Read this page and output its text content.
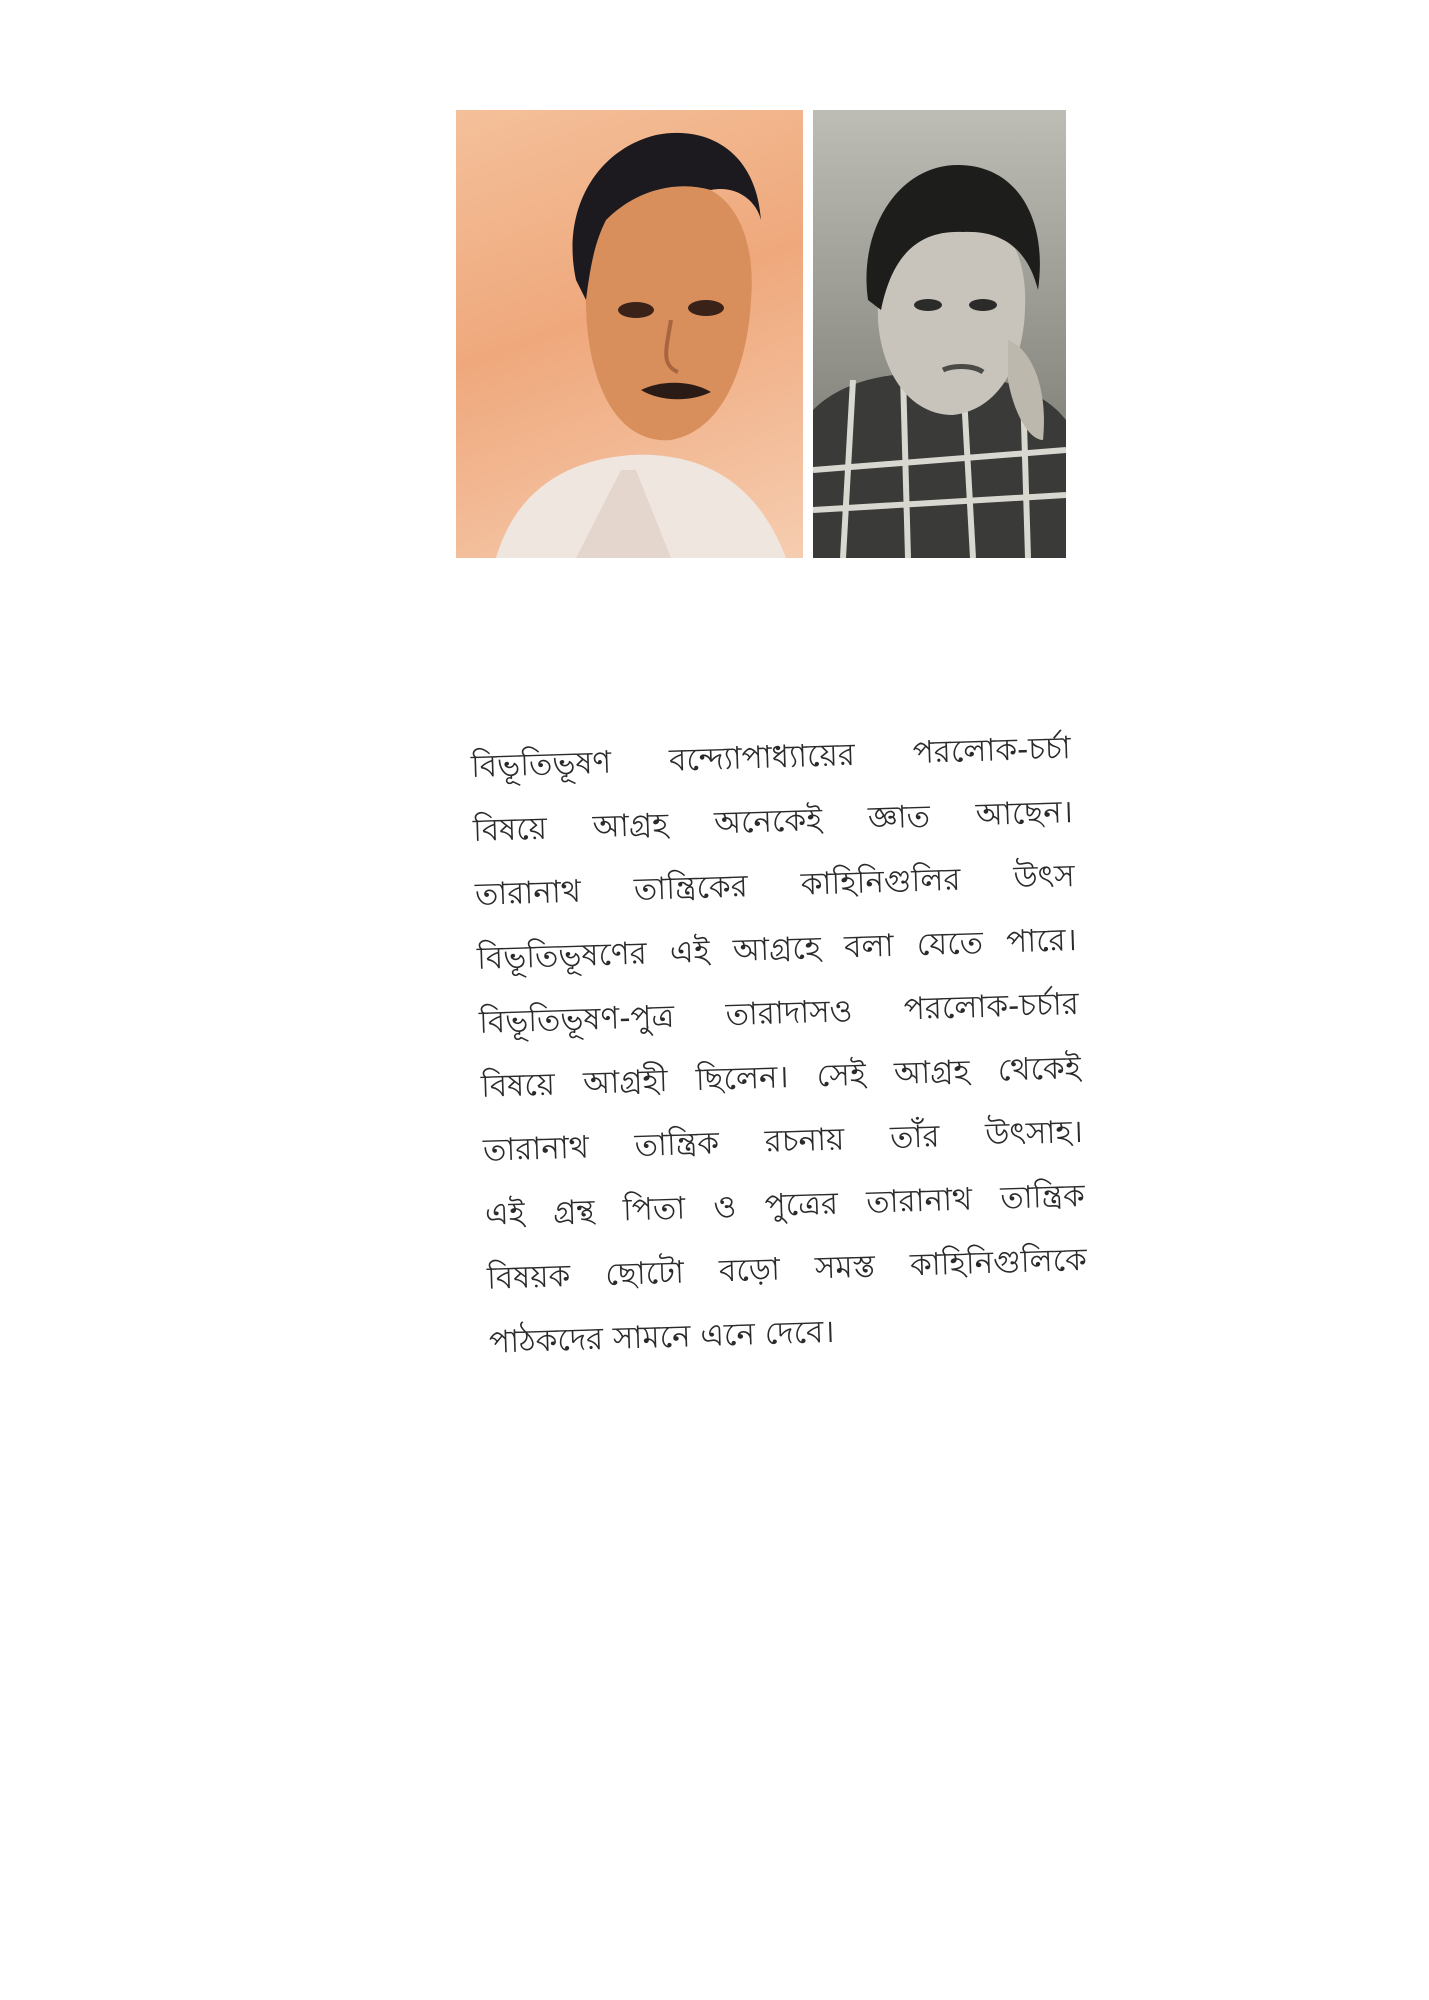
বিভূতিভূষণ বন্দ্যোপাধ্যায়ের পরলোক-চর্চা
বিষয়ে আগ্রহ অনেকেই জ্ঞাত আছেন।
তারানাথ তান্ত্রিকের কাহিনিগুলির উৎস
বিভূতিভূষণের এই আগ্রহে বলা যেতে পারে।
বিভূতিভূষণ-পুত্র তারাদাসও পরলোক-চর্চার
বিষয়ে আগ্রহী ছিলেন। সেই আগ্রহ থেকেই
তারানাথ তান্ত্রিক রচনায় তাঁর উৎসাহ।
এই গ্রন্থ পিতা ও পুত্রের তারানাথ তান্ত্রিক
বিষয়ক ছোটো বড়ো সমস্ত কাহিনিগুলিকে
পাঠকদের সামনে এনে দেবে।
